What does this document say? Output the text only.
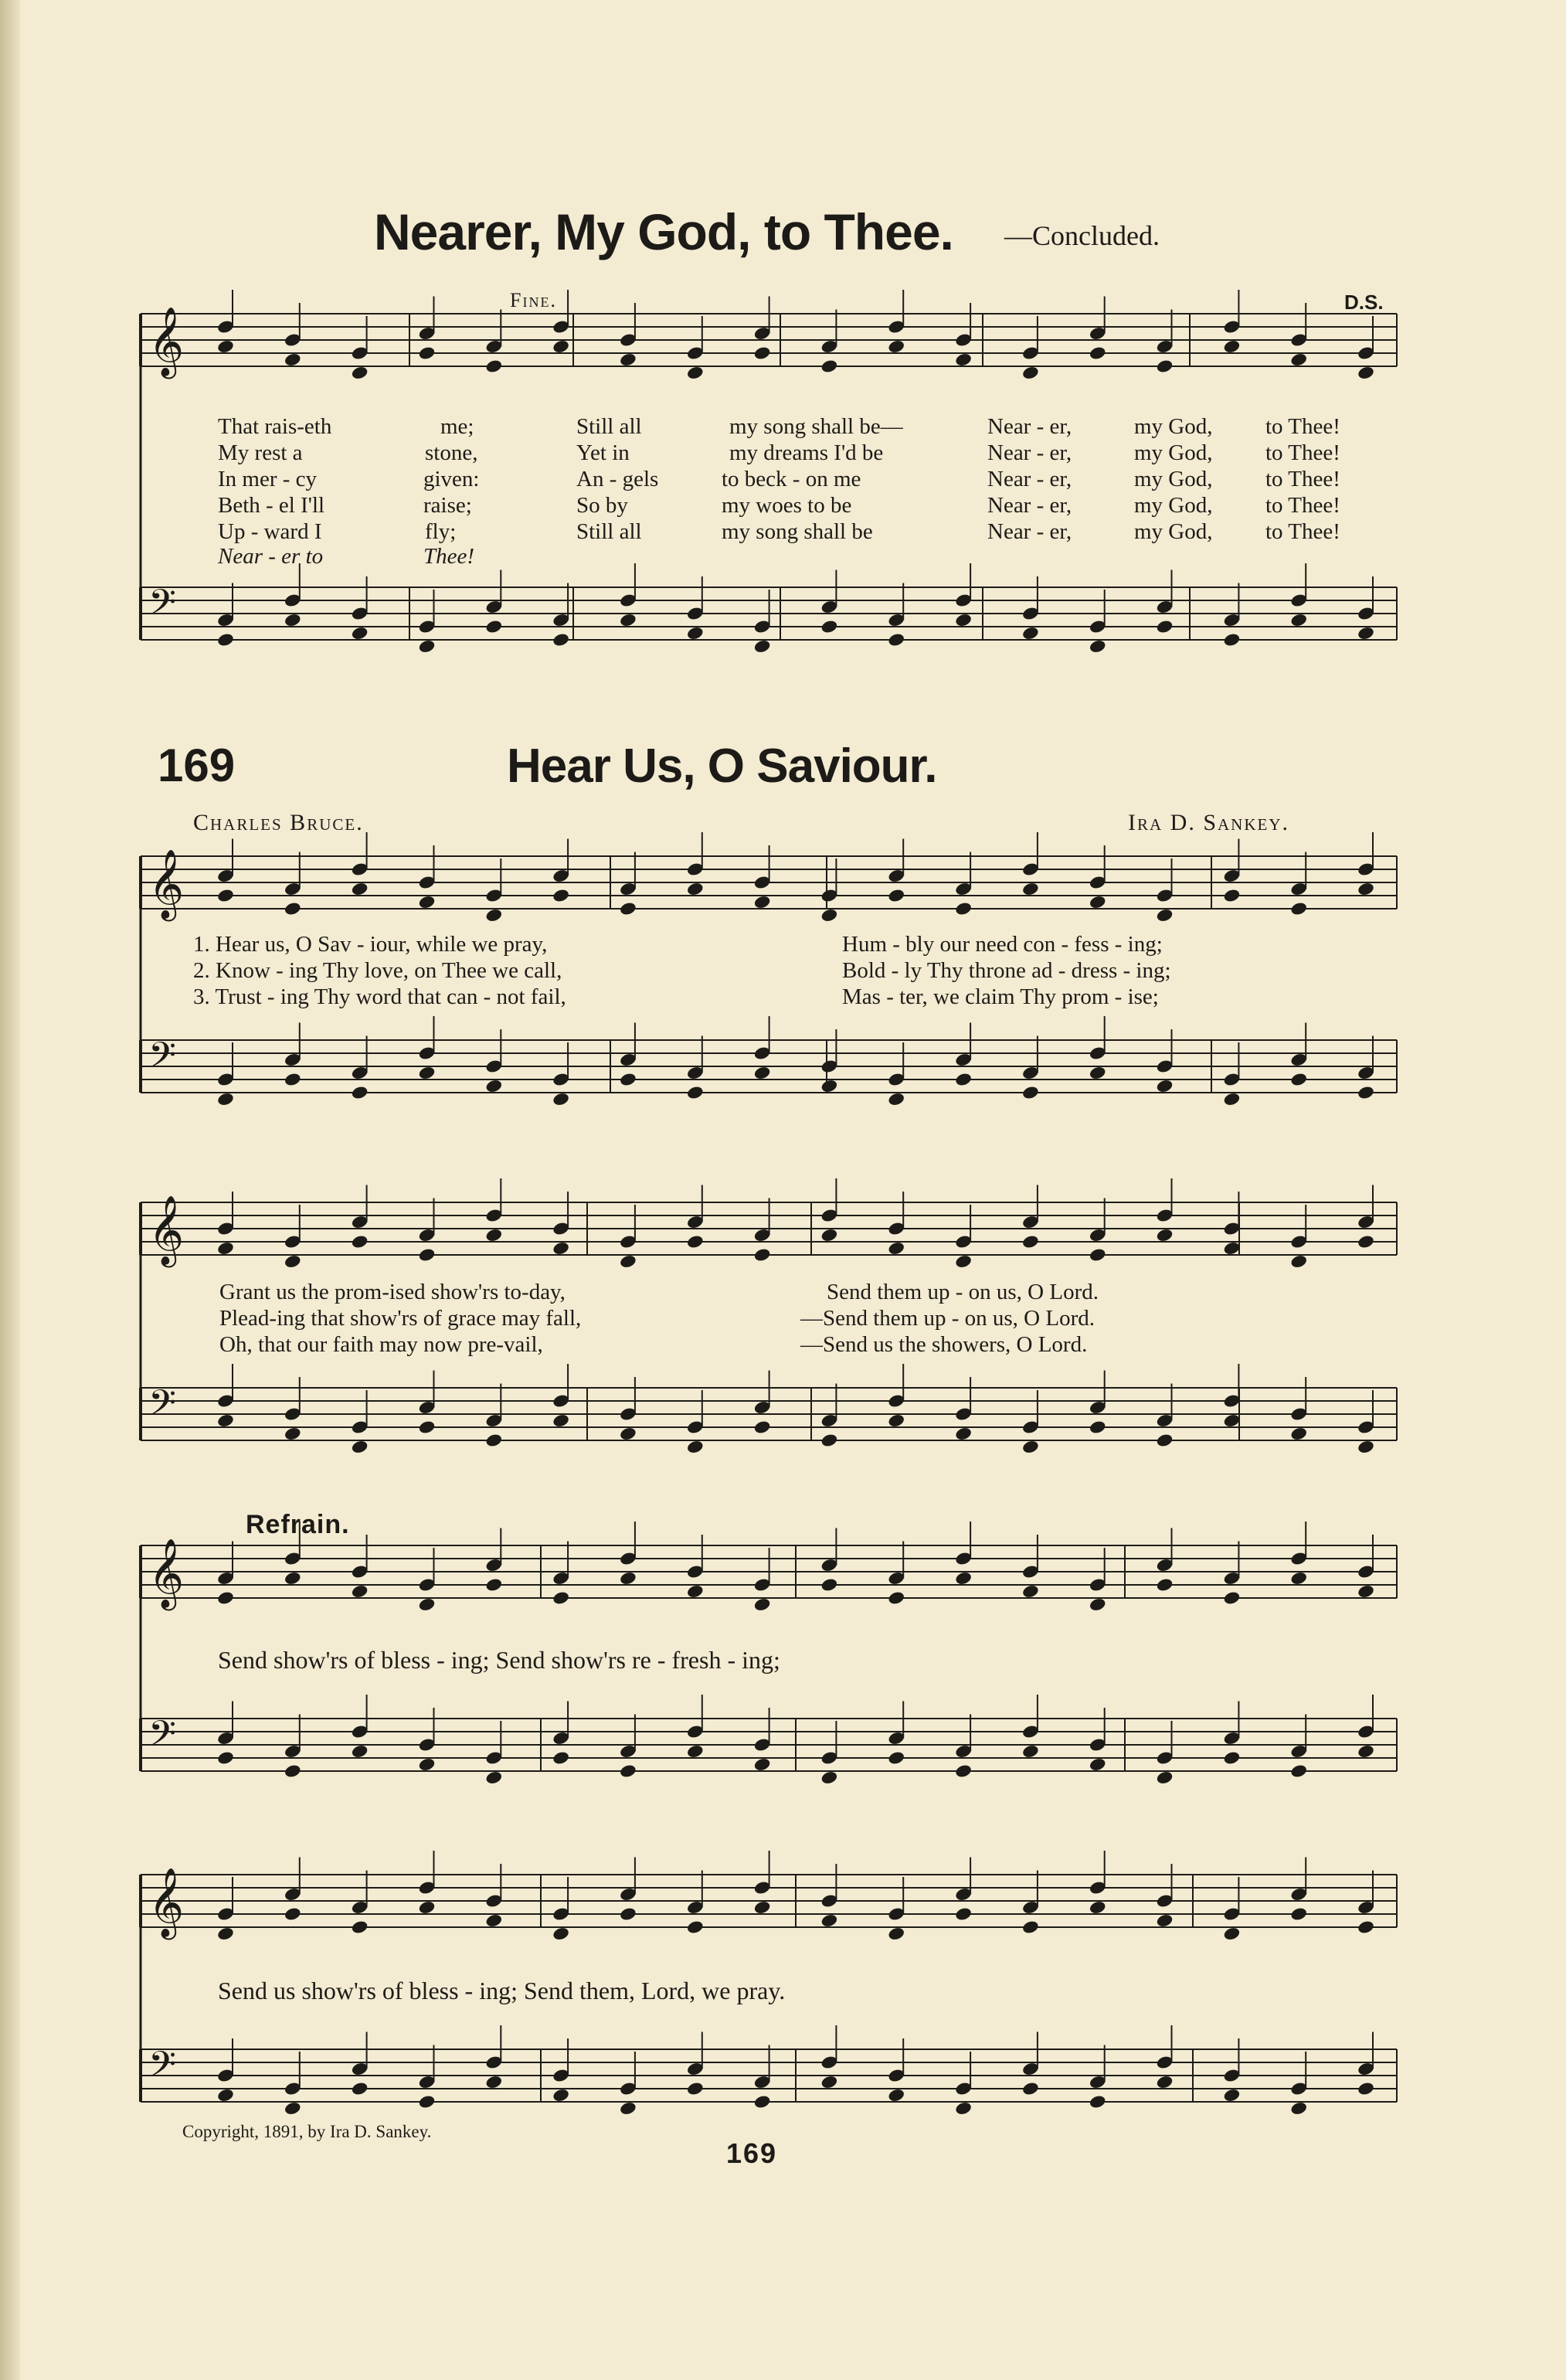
𝄞
𝄢
𝄞
𝄢
𝄞
𝄢
𝄞
𝄢
𝄞
𝄢
Nearer, My God, to Thee. —Concluded.
Fine.	D.S.
That rais-eth	me;	Still all	my song shall be—	Near - er,	my God, to Thee!
My rest a	stone,	Yet in	my dreams I'd be	Near - er,	my God, to Thee!
In mer - cy	given:	An - gels	to beck - on me	Near - er,	my God, to Thee!
Beth - el I'll	raise;	So by	my woes to be	Near - er,	my God, to Thee!
Up - ward I	fly;	Still all	my song shall be	Near - er,	my God, to Thee!
Near - er to	Thee!
169	Hear Us, O Saviour.
Charles Bruce.	Ira D. Sankey.
1. Hear us, O Sav - iour, while we pray,
2. Know - ing Thy love, on Thee we call,
3. Trust - ing Thy word that can - not fail,
Hum - bly our need con - fess - ing;
Bold - ly Thy throne ad - dress - ing;
Mas - ter, we claim Thy prom - ise;
Grant us the prom-ised show'rs to-day,
Plead-ing that show'rs of grace may fall,
Oh, that our faith may now pre-vail,
Send them up - on us, O Lord.
—Send them up - on us, O Lord.
—Send us the showers, O Lord.
Refrain.
Send show'rs of bless - ing; Send show'rs re - fresh - ing;
Send us show'rs of bless - ing; Send them, Lord, we pray.
Copyright, 1891, by Ira D. Sankey.
169
